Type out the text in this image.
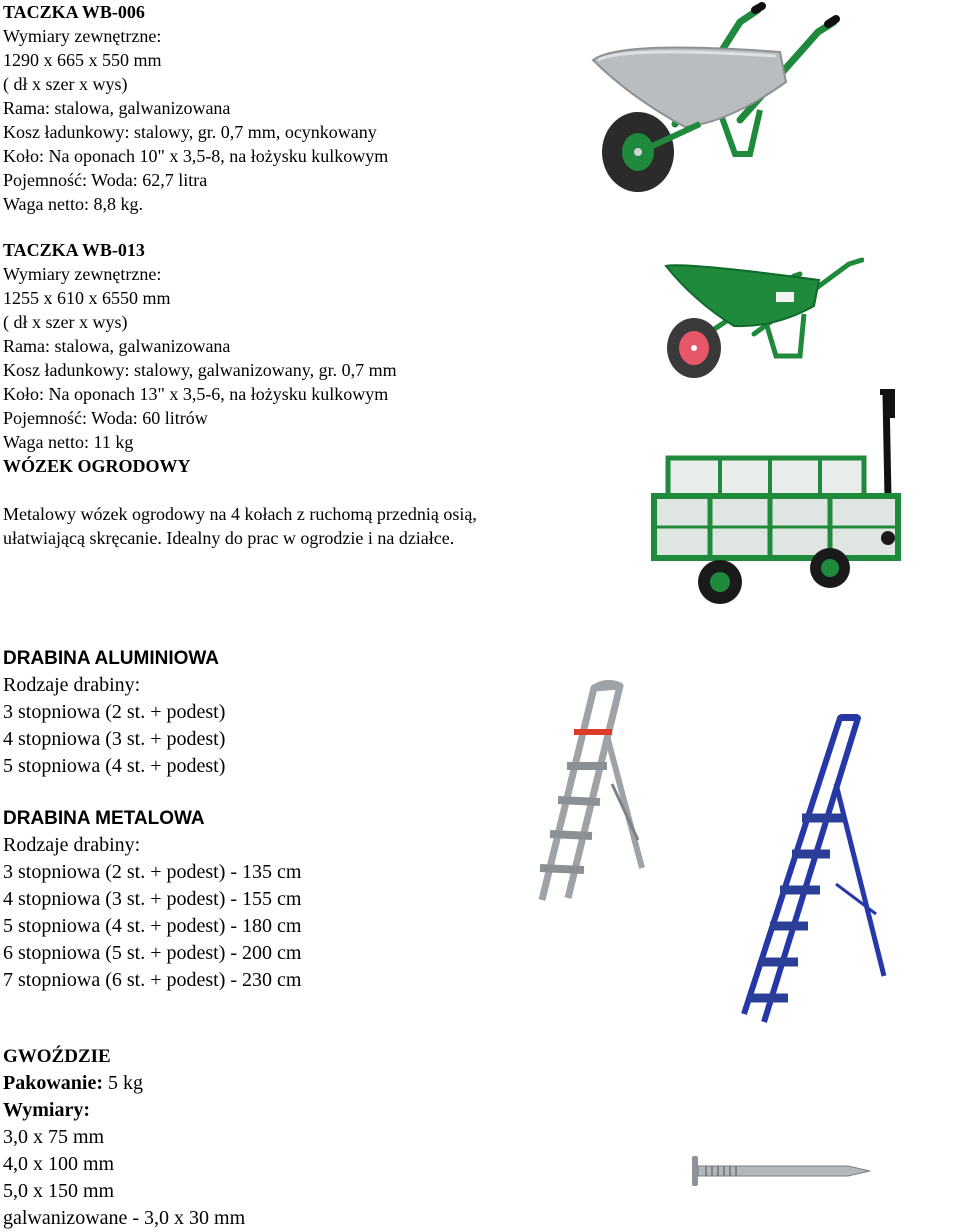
TACZKA WB-006
Wymiary zewnętrzne:
1290 x 665 x 550 mm
( dł x szer x wys)
Rama: stalowa, galwanizowana
Kosz ładunkowy: stalowy, gr. 0,7 mm, ocynkowany
Koło: Na oponach 10" x 3,5-8, na łożysku kulkowym
Pojemność: Woda: 62,7 litra
Waga netto: 8,8 kg.
TACZKA WB-013
Wymiary zewnętrzne:
1255 x 610 x 6550 mm
( dł x szer x wys)
Rama: stalowa, galwanizowana
Kosz ładunkowy: stalowy, galwanizowany, gr. 0,7 mm
Koło: Na oponach 13" x 3,5-6, na łożysku kulkowym
Pojemność: Woda: 60 litrów
Waga netto: 11 kg
WÓZEK OGRODOWY
Metalowy wózek ogrodowy na 4 kołach z ruchomą przednią osią,
ułatwiającą skręcanie. Idealny do prac w ogrodzie i na działce.
DRABINA ALUMINIOWA
Rodzaje drabiny:
3 stopniowa (2 st. + podest)
4 stopniowa (3 st. + podest)
5 stopniowa (4 st. + podest)
DRABINA METALOWA
Rodzaje drabiny:
3 stopniowa (2 st. + podest) - 135 cm
4 stopniowa (3 st. + podest) - 155 cm
5 stopniowa (4 st. + podest) - 180 cm
6 stopniowa (5 st. + podest) - 200 cm
7 stopniowa (6 st. + podest) - 230 cm
GWOŹDZIE
Pakowanie: 5 kg
Wymiary:
3,0 x 75 mm
4,0 x 100 mm
5,0 x 150 mm
galwanizowane - 3,0 x 30 mm
